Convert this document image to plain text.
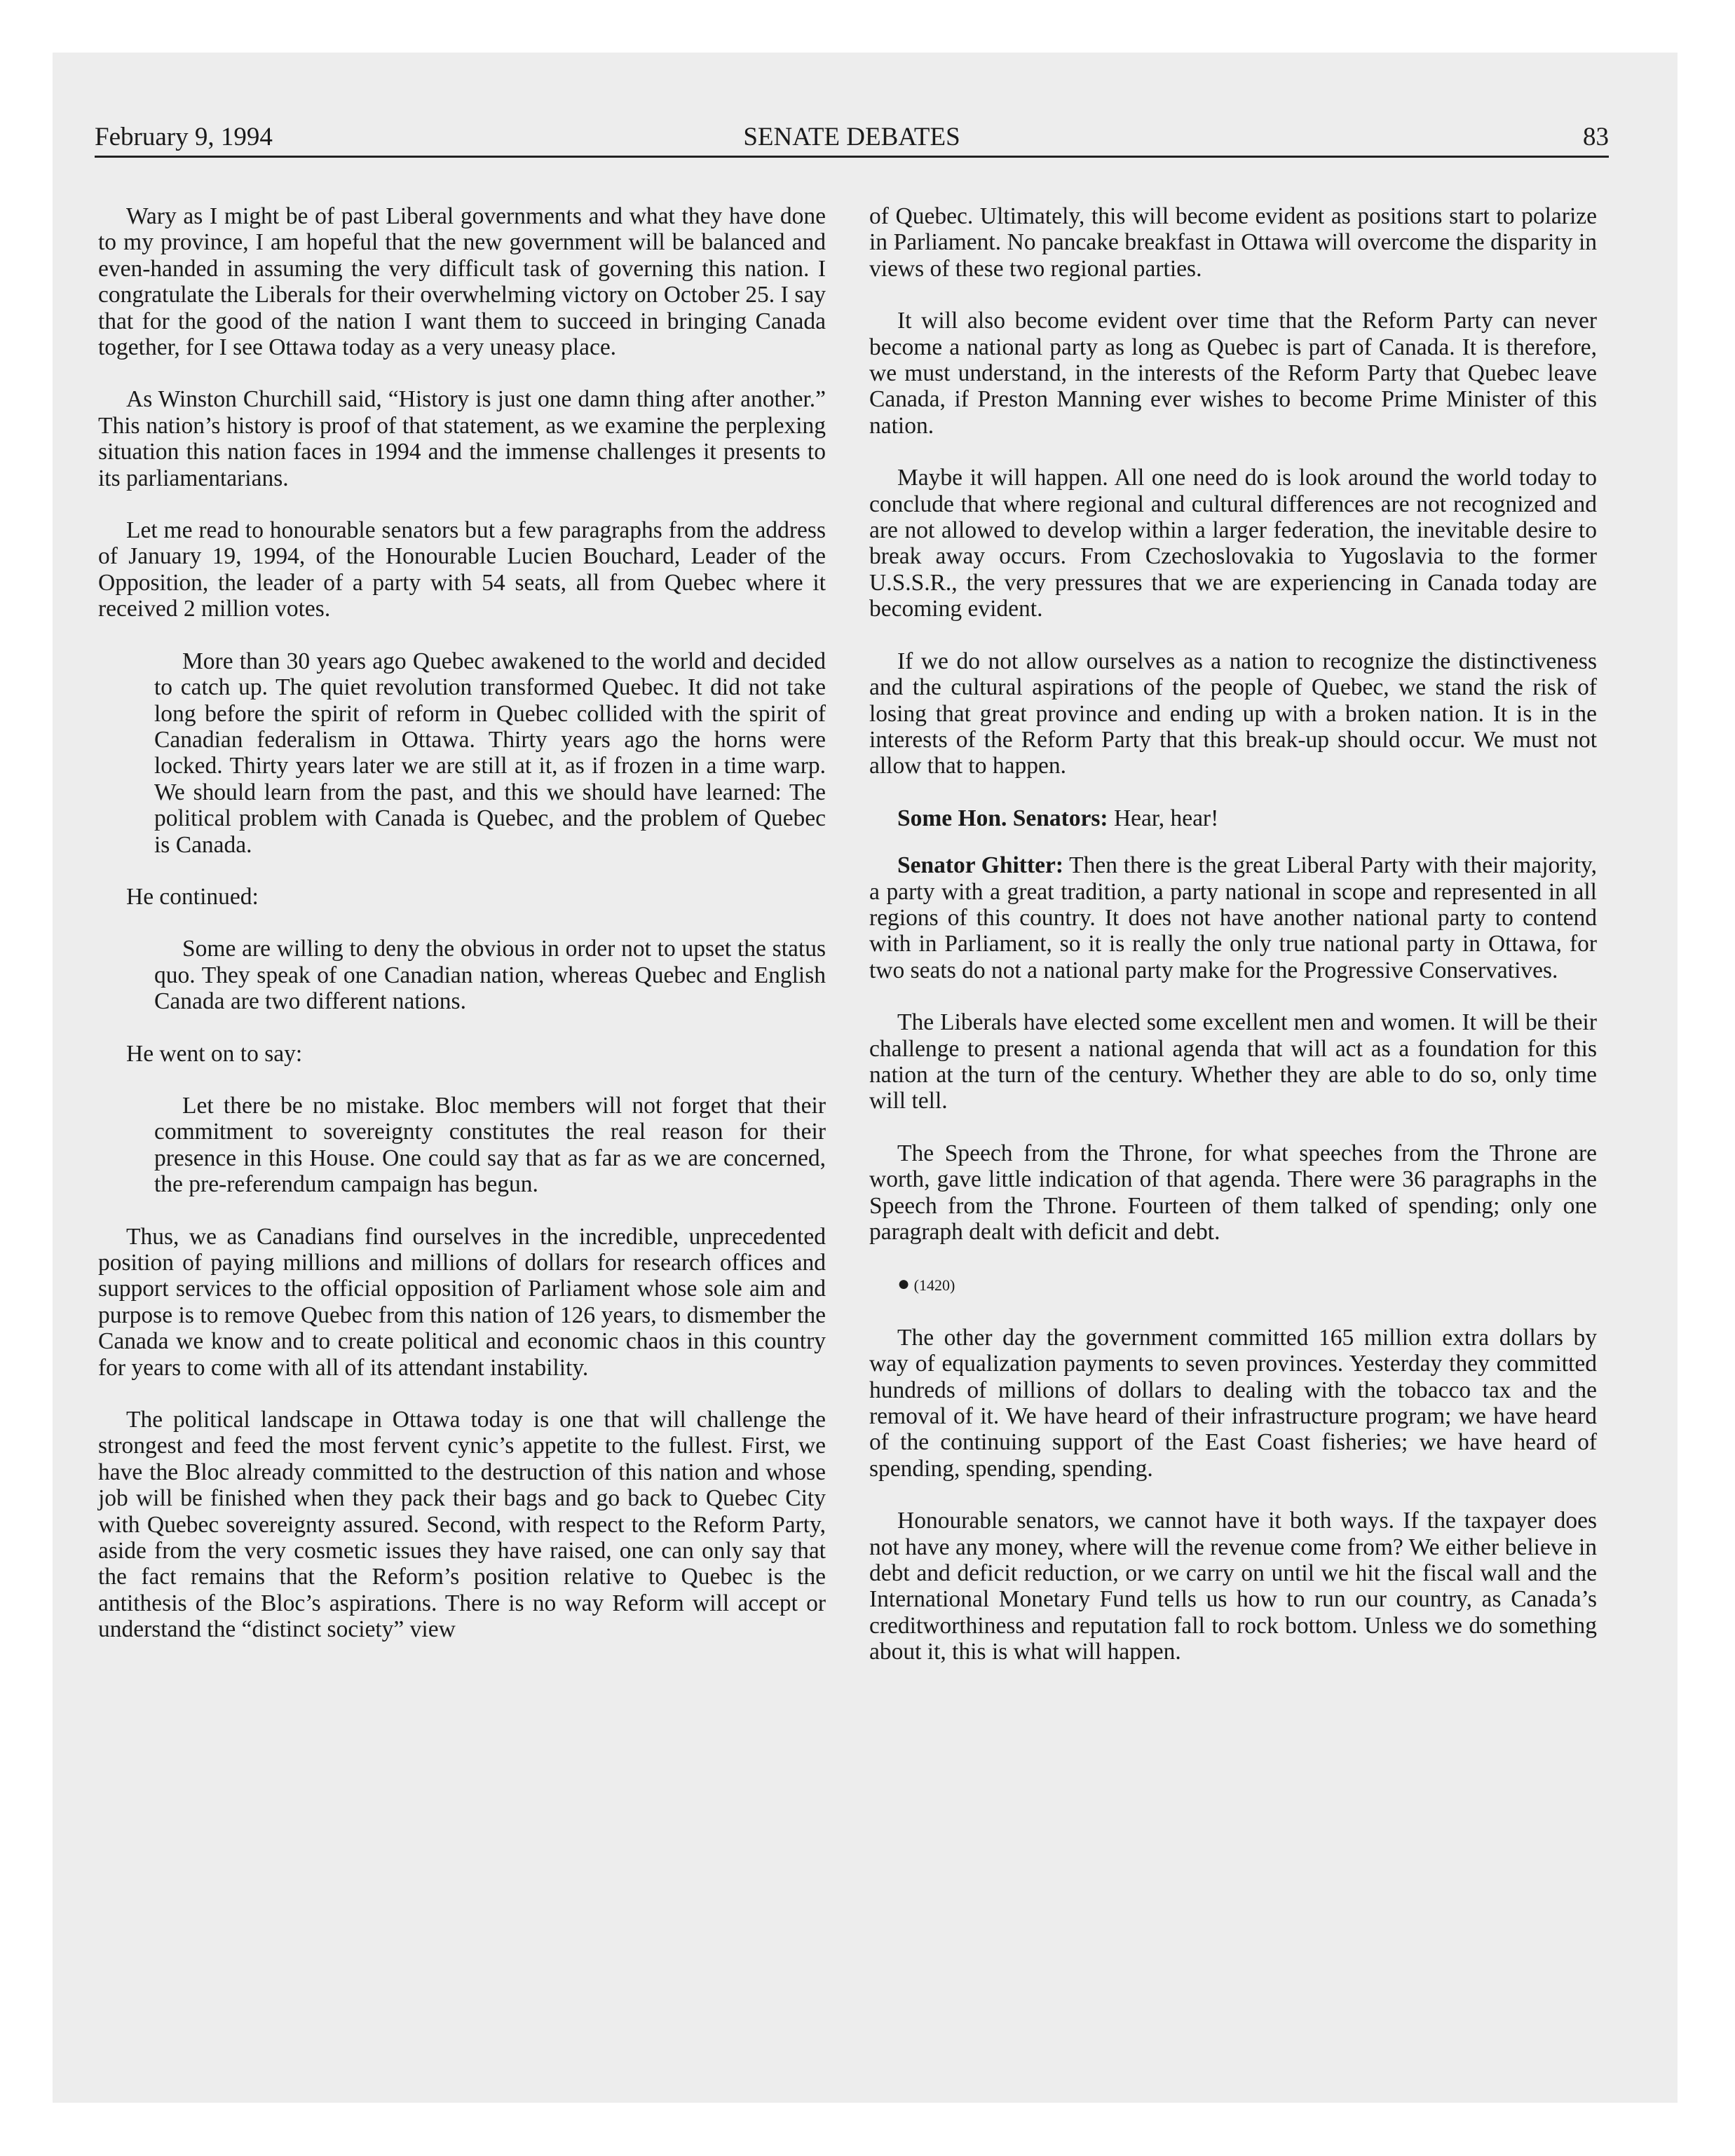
February 9, 1994	SENATE DEBATES	83

Wary as I might be of past Liberal governments and what they have done to my province, I am hopeful that the new government will be balanced and even-handed in assuming the very difficult task of governing this nation. I congratulate the Liberals for their overwhelming victory on October 25. I say that for the good of the nation I want them to succeed in bringing Canada together, for I see Ottawa today as a very uneasy place.

As Winston Churchill said, “History is just one damn thing after another.” This nation’s history is proof of that statement, as we examine the perplexing situation this nation faces in 1994 and the immense challenges it presents to its parliamentarians.

Let me read to honourable senators but a few paragraphs from the address of January 19, 1994, of the Honourable Lucien Bouchard, Leader of the Opposition, the leader of a party with 54 seats, all from Quebec where it received 2 million votes.

More than 30 years ago Quebec awakened to the world and decided to catch up. The quiet revolution transformed Quebec. It did not take long before the spirit of reform in Quebec collided with the spirit of Canadian federalism in Ottawa. Thirty years ago the horns were locked. Thirty years later we are still at it, as if frozen in a time warp. We should learn from the past, and this we should have learned: The political problem with Canada is Quebec, and the problem of Quebec is Canada.

He continued:

Some are willing to deny the obvious in order not to upset the status quo. They speak of one Canadian nation, whereas Quebec and English Canada are two different nations.

He went on to say:

Let there be no mistake. Bloc members will not forget that their commitment to sovereignty constitutes the real reason for their presence in this House. One could say that as far as we are concerned, the pre-referendum campaign has begun.

Thus, we as Canadians find ourselves in the incredible, unprecedented position of paying millions and millions of dollars for research offices and support services to the official opposition of Parliament whose sole aim and purpose is to remove Quebec from this nation of 126 years, to dismember the Canada we know and to create political and economic chaos in this country for years to come with all of its attendant instability.

The political landscape in Ottawa today is one that will challenge the strongest and feed the most fervent cynic’s appetite to the fullest. First, we have the Bloc already committed to the destruction of this nation and whose job will be finished when they pack their bags and go back to Quebec City with Quebec sovereignty assured. Second, with respect to the Reform Party, aside from the very cosmetic issues they have raised, one can only say that the fact remains that the Reform’s position relative to Quebec is the antithesis of the Bloc’s aspirations. There is no way Reform will accept or understand the “distinct society” view

of Quebec. Ultimately, this will become evident as positions start to polarize in Parliament. No pancake breakfast in Ottawa will overcome the disparity in views of these two regional parties.

It will also become evident over time that the Reform Party can never become a national party as long as Quebec is part of Canada. It is therefore, we must understand, in the interests of the Reform Party that Quebec leave Canada, if Preston Manning ever wishes to become Prime Minister of this nation.

Maybe it will happen. All one need do is look around the world today to conclude that where regional and cultural differences are not recognized and are not allowed to develop within a larger federation, the inevitable desire to break away occurs. From Czechoslovakia to Yugoslavia to the former U.S.S.R., the very pressures that we are experiencing in Canada today are becoming evident.

If we do not allow ourselves as a nation to recognize the distinctiveness and the cultural aspirations of the people of Quebec, we stand the risk of losing that great province and ending up with a broken nation. It is in the interests of the Reform Party that this break-up should occur. We must not allow that to happen.

Some Hon. Senators: Hear, hear!

Senator Ghitter: Then there is the great Liberal Party with their majority, a party with a great tradition, a party national in scope and represented in all regions of this country. It does not have another national party to contend with in Parliament, so it is really the only true national party in Ottawa, for two seats do not a national party make for the Progressive Conservatives.

The Liberals have elected some excellent men and women. It will be their challenge to present a national agenda that will act as a foundation for this nation at the turn of the century. Whether they are able to do so, only time will tell.

The Speech from the Throne, for what speeches from the Throne are worth, gave little indication of that agenda. There were 36 paragraphs in the Speech from the Throne. Fourteen of them talked of spending; only one paragraph dealt with deficit and debt.

● (1420)

The other day the government committed 165 million extra dollars by way of equalization payments to seven provinces. Yesterday they committed hundreds of millions of dollars to dealing with the tobacco tax and the removal of it. We have heard of their infrastructure program; we have heard of the continuing support of the East Coast fisheries; we have heard of spending, spending, spending.

Honourable senators, we cannot have it both ways. If the taxpayer does not have any money, where will the revenue come from? We either believe in debt and deficit reduction, or we carry on until we hit the fiscal wall and the International Monetary Fund tells us how to run our country, as Canada’s creditworthiness and reputation fall to rock bottom. Unless we do something about it, this is what will happen.
